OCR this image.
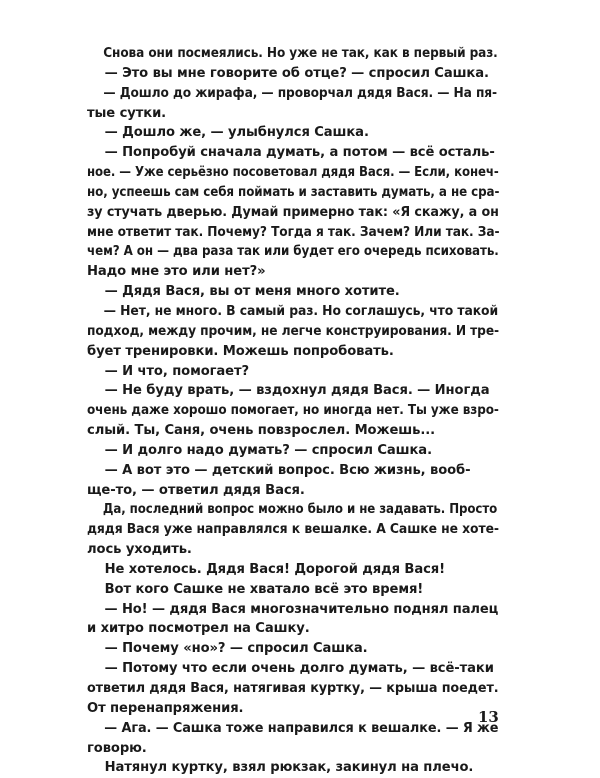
Снова они посмеялись. Но уже не так, как в первый раз.
— Это вы мне говорите об отце? — спросил Сашка.
— Дошло до жирафа, — проворчал дядя Вася. — На пя-
тые сутки.
— Дошло же, — улыбнулся Сашка.
— Попробуй сначала думать, а потом — всё осталь-
ное. — Уже серьёзно посоветовал дядя Вася. — Если, конеч-
но, успеешь сам себя поймать и заставить думать, а не сра-
зу стучать дверью. Думай примерно так: «Я скажу, а он
мне ответит так. Почему? Тогда я так. Зачем? Или так. За-
чем? А он — два раза так или будет его очередь психовать.
Надо мне это или нет?»
— Дядя Вася, вы от меня много хотите.
— Нет, не много. В самый раз. Но соглашусь, что такой
подход, между прочим, не легче конструирования. И тре-
бует тренировки. Можешь попробовать.
— И что, помогает?
— Не буду врать, — вздохнул дядя Вася. — Иногда
очень даже хорошо помогает, но иногда нет. Ты уже взро-
слый. Ты, Саня, очень повзрослел. Можешь...
— И долго надо думать? — спросил Сашка.
— А вот это — детский вопрос. Всю жизнь, вооб-
ще-то, — ответил дядя Вася.
Да, последний вопрос можно было и не задавать. Просто
дядя Вася уже направлялся к вешалке. А Сашке не хоте-
лось уходить.
Не хотелось. Дядя Вася! Дорогой дядя Вася!
Вот кого Сашке не хватало всё это время!
— Но! — дядя Вася многозначительно поднял палец
и хитро посмотрел на Сашку.
— Почему «но»? — спросил Сашка.
— Потому что если очень долго думать, — всё-таки
ответил дядя Вася, натягивая куртку, — крыша поедет.
От перенапряжения.
— Ага. — Сашка тоже направился к вешалке. — Я же
говорю.
Натянул куртку, взял рюкзак, закинул на плечо.
13
